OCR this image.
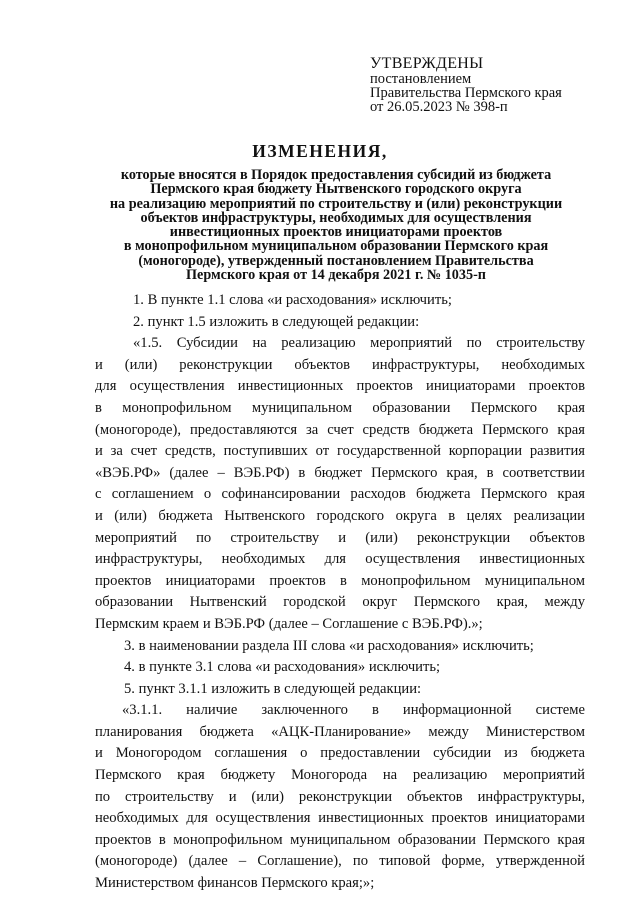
УТВЕРЖДЕНЫ
постановлением
Правительства Пермского края
от 26.05.2023 № 398-п
ИЗМЕНЕНИЯ,
которые вносятся в Порядок предоставления субсидий из бюджета
Пермского края бюджету Нытвенского городского округа
на реализацию мероприятий по строительству и (или) реконструкции
объектов инфраструктуры, необходимых для осуществления
инвестиционных проектов инициаторами проектов
в монопрофильном муниципальном образовании Пермского края
(моногороде), утвержденный постановлением Правительства
Пермского края от 14 декабря 2021 г. № 1035-п
1. В пункте 1.1 слова «и расходования» исключить;
2. пункт 1.5 изложить в следующей редакции:
«1.5. Субсидии на реализацию мероприятий по строительству
и (или) реконструкции объектов инфраструктуры, необходимых
для осуществления инвестиционных проектов инициаторами проектов
в монопрофильном муниципальном образовании Пермского края
(моногороде), предоставляются за счет средств бюджета Пермского края
и за счет средств, поступивших от государственной корпорации развития
«ВЭБ.РФ» (далее – ВЭБ.РФ) в бюджет Пермского края, в соответствии
с соглашением о софинансировании расходов бюджета Пермского края
и (или) бюджета Нытвенского городского округа в целях реализации
мероприятий по строительству и (или) реконструкции объектов
инфраструктуры, необходимых для осуществления инвестиционных
проектов инициаторами проектов в монопрофильном муниципальном
образовании Нытвенский городской округ Пермского края, между
Пермским краем и ВЭБ.РФ (далее – Соглашение с ВЭБ.РФ).»;
3. в наименовании раздела III слова «и расходования» исключить;
4. в пункте 3.1 слова «и расходования» исключить;
5. пункт 3.1.1 изложить в следующей редакции:
«3.1.1. наличие заключенного в информационной системе
планирования бюджета «АЦК-Планирование» между Министерством
и Моногородом соглашения о предоставлении субсидии из бюджета
Пермского края бюджету Моногорода на реализацию мероприятий
по строительству и (или) реконструкции объектов инфраструктуры,
необходимых для осуществления инвестиционных проектов инициаторами
проектов в монопрофильном муниципальном образовании Пермского края
(моногороде) (далее – Соглашение), по типовой форме, утвержденной
Министерством финансов Пермского края;»;
